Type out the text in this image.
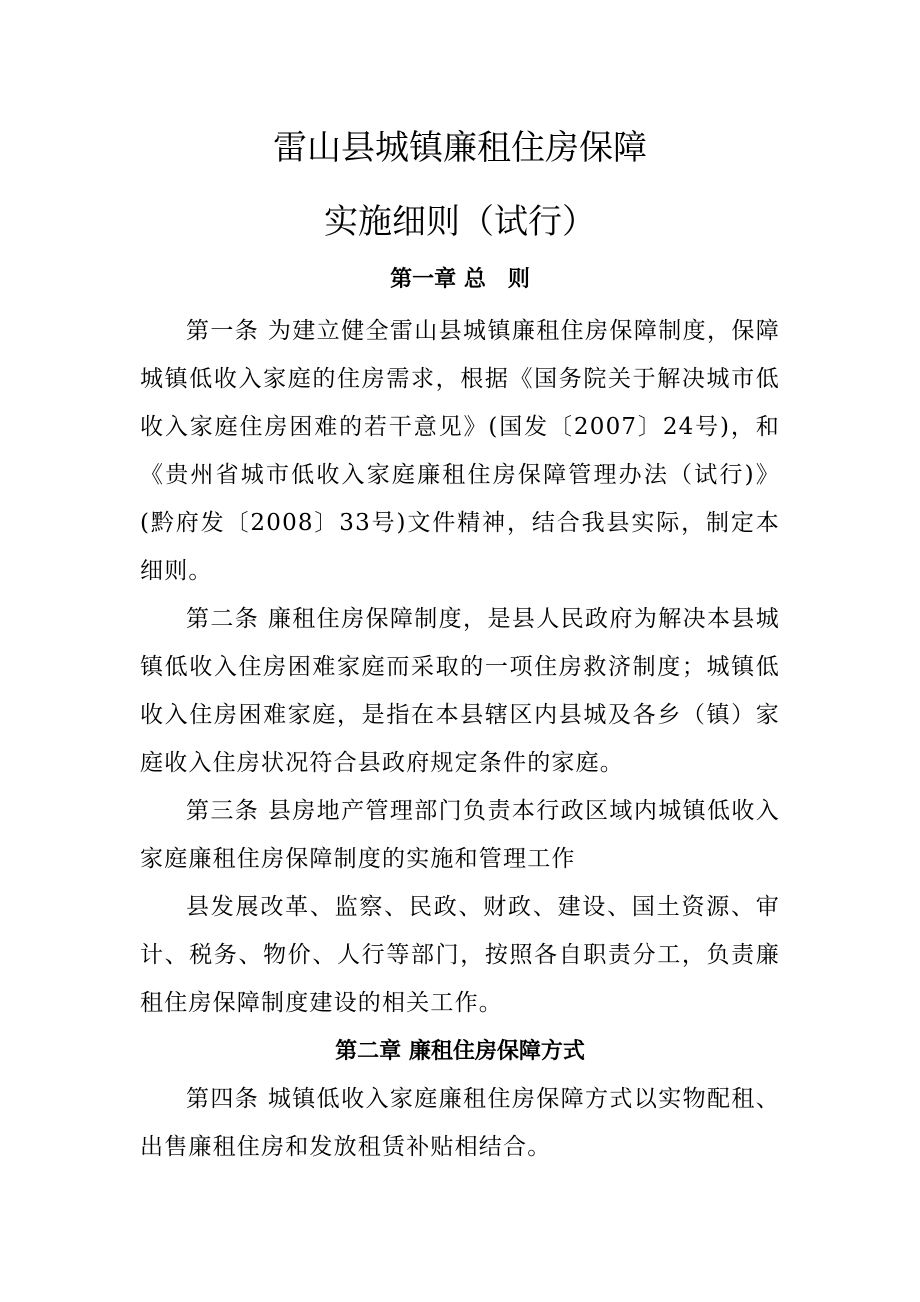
雷山县城镇廉租住房保障
实施细则（试行）
第一章 总　则

第一条 为建立健全雷山县城镇廉租住房保障制度，保障城镇低收入家庭的住房需求，根据《国务院关于解决城市低收入家庭住房困难的若干意见》(国发〔2007〕24号)，和《贵州省城市低收入家庭廉租住房保障管理办法（试行)》(黔府发〔2008〕33号)文件精神，结合我县实际，制定本细则。

第二条 廉租住房保障制度，是县人民政府为解决本县城镇低收入住房困难家庭而采取的一项住房救济制度；城镇低收入住房困难家庭，是指在本县辖区内县城及各乡（镇）家庭收入住房状况符合县政府规定条件的家庭。

第三条 县房地产管理部门负责本行政区域内城镇低收入家庭廉租住房保障制度的实施和管理工作

县发展改革、监察、民政、财政、建设、国土资源、审计、税务、物价、人行等部门，按照各自职责分工，负责廉租住房保障制度建设的相关工作。

第二章 廉租住房保障方式

第四条 城镇低收入家庭廉租住房保障方式以实物配租、出售廉租住房和发放租赁补贴相结合。
